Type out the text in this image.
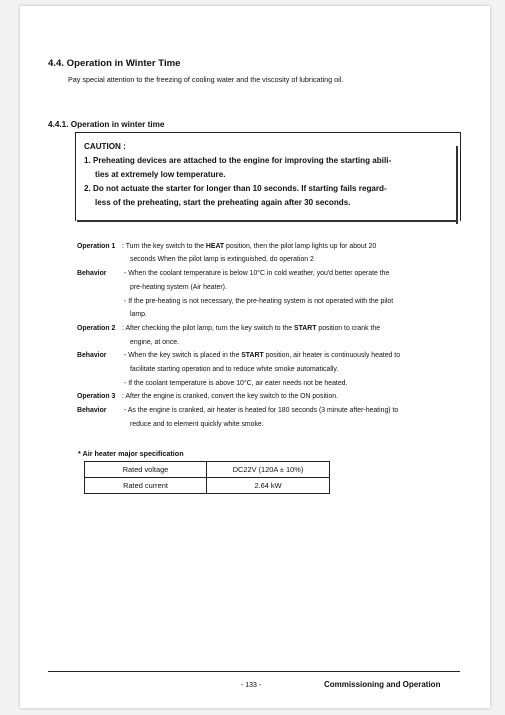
4.4. Operation in Winter Time
Pay special attention to the freezing of cooling water and the viscosity of lubricating oil.
4.4.1. Operation in winter time
CAUTION :
1. Preheating devices are attached to the engine for improving the starting abili-
ties at extremely low temperature.
2. Do not actuate the starter for longer than 10 seconds. If starting fails regard-
less of the preheating, start the preheating again after 30 seconds.
Operation 1 : Turn the key switch to the HEAT position, then the pilot lamp lights up for about 20
seconds When the pilot lamp is extinguished, do operation 2
Behavior	- When the coolant temperature is below 10°C in cold weather, you'd better operate the
pre-heating system (Air heater).
- If the pre-heating is not necessary, the pre-heating system is not operated with the pilot
lamp.
Operation 2 : After checking the pilot lamp, turn the key switch to the START position to crank the
engine, at once.
Behavior	- When the key switch is placed in the START position, air heater is continuously heated to
facilitate starting operation and to reduce white smoke automatically.
- If the coolant temperature is above 10°C, air eater needs not be heated.
Operation 3 : After the engine is cranked, convert the key switch to the ON position.
Behavior	- As the engine is cranked, air heater is heated for 180 seconds (3 minute after-heating) to
reduce and to element quickly white smoke.
* Air heater major specification
Rated voltage	DC22V (120A ± 10%)
Rated current	2.64 kW
- 133 -	Commissioning and Operation
